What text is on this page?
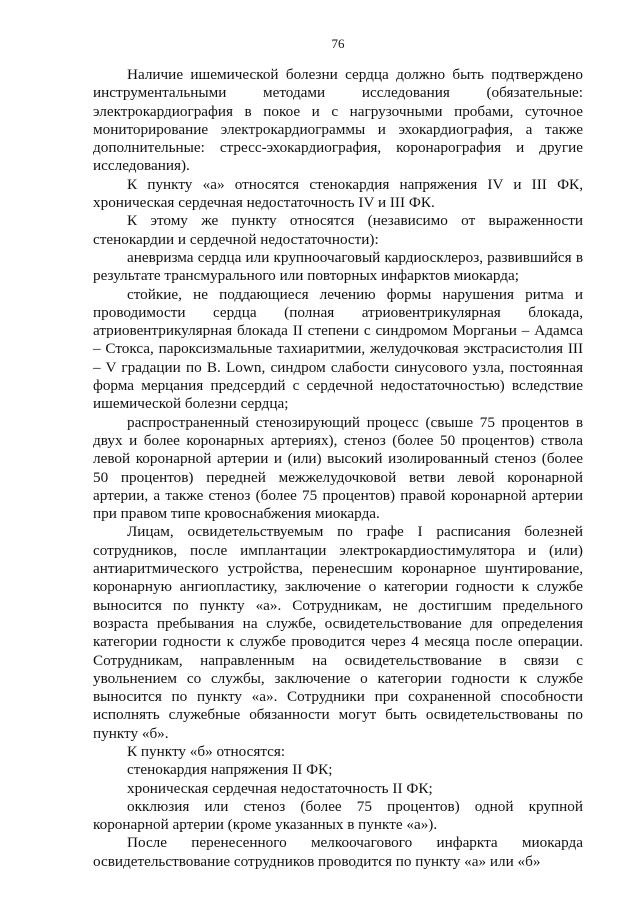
76

Наличие ишемической болезни сердца должно быть подтверждено инструментальными методами исследования (обязательные: электрокардиография в покое и с нагрузочными пробами, суточное мониторирование электрокардиограммы и эхокардиография, а также дополнительные: стресс-эхокардиография, коронарография и другие исследования).

К пункту «а» относятся стенокардия напряжения IV и III ФК, хроническая сердечная недостаточность IV и III ФК.

К этому же пункту относятся (независимо от выраженности стенокардии и сердечной недостаточности):

аневризма сердца или крупноочаговый кардиосклероз, развившийся в результате трансмурального или повторных инфарктов миокарда;

стойкие, не поддающиеся лечению формы нарушения ритма и проводимости сердца (полная атриовентрикулярная блокада, атриовентрикулярная блокада II степени с синдромом Морганьи – Адамса – Стокса, пароксизмальные тахиаритмии, желудочковая экстрасистолия III – V градации по B. Lown, синдром слабости синусового узла, постоянная форма мерцания предсердий с сердечной недостаточностью) вследствие ишемической болезни сердца;

распространенный стенозирующий процесс (свыше 75 процентов в двух и более коронарных артериях), стеноз (более 50 процентов) ствола левой коронарной артерии и (или) высокий изолированный стеноз (более 50 процентов) передней межжелудочковой ветви левой коронарной артерии, а также стеноз (более 75 процентов) правой коронарной артерии при правом типе кровоснабжения миокарда.

Лицам, освидетельствуемым по графе I расписания болезней сотрудников, после имплантации электрокардиостимулятора и (или) антиаритмического устройства, перенесшим коронарное шунтирование, коронарную ангиопластику, заключение о категории годности к службе выносится по пункту «а». Сотрудникам, не достигшим предельного возраста пребывания на службе, освидетельствование для определения категории годности к службе проводится через 4 месяца после операции. Сотрудникам, направленным на освидетельствование в связи с увольнением со службы, заключение о категории годности к службе выносится по пункту «а». Сотрудники при сохраненной способности исполнять служебные обязанности могут быть освидетельствованы по пункту «б».

К пункту «б» относятся:

стенокардия напряжения II ФК;

хроническая сердечная недостаточность II ФК;

окклюзия или стеноз (более 75 процентов) одной крупной коронарной артерии (кроме указанных в пункте «а»).

После перенесенного мелкоочагового инфаркта миокарда освидетельствование сотрудников проводится по пункту «а» или «б»
